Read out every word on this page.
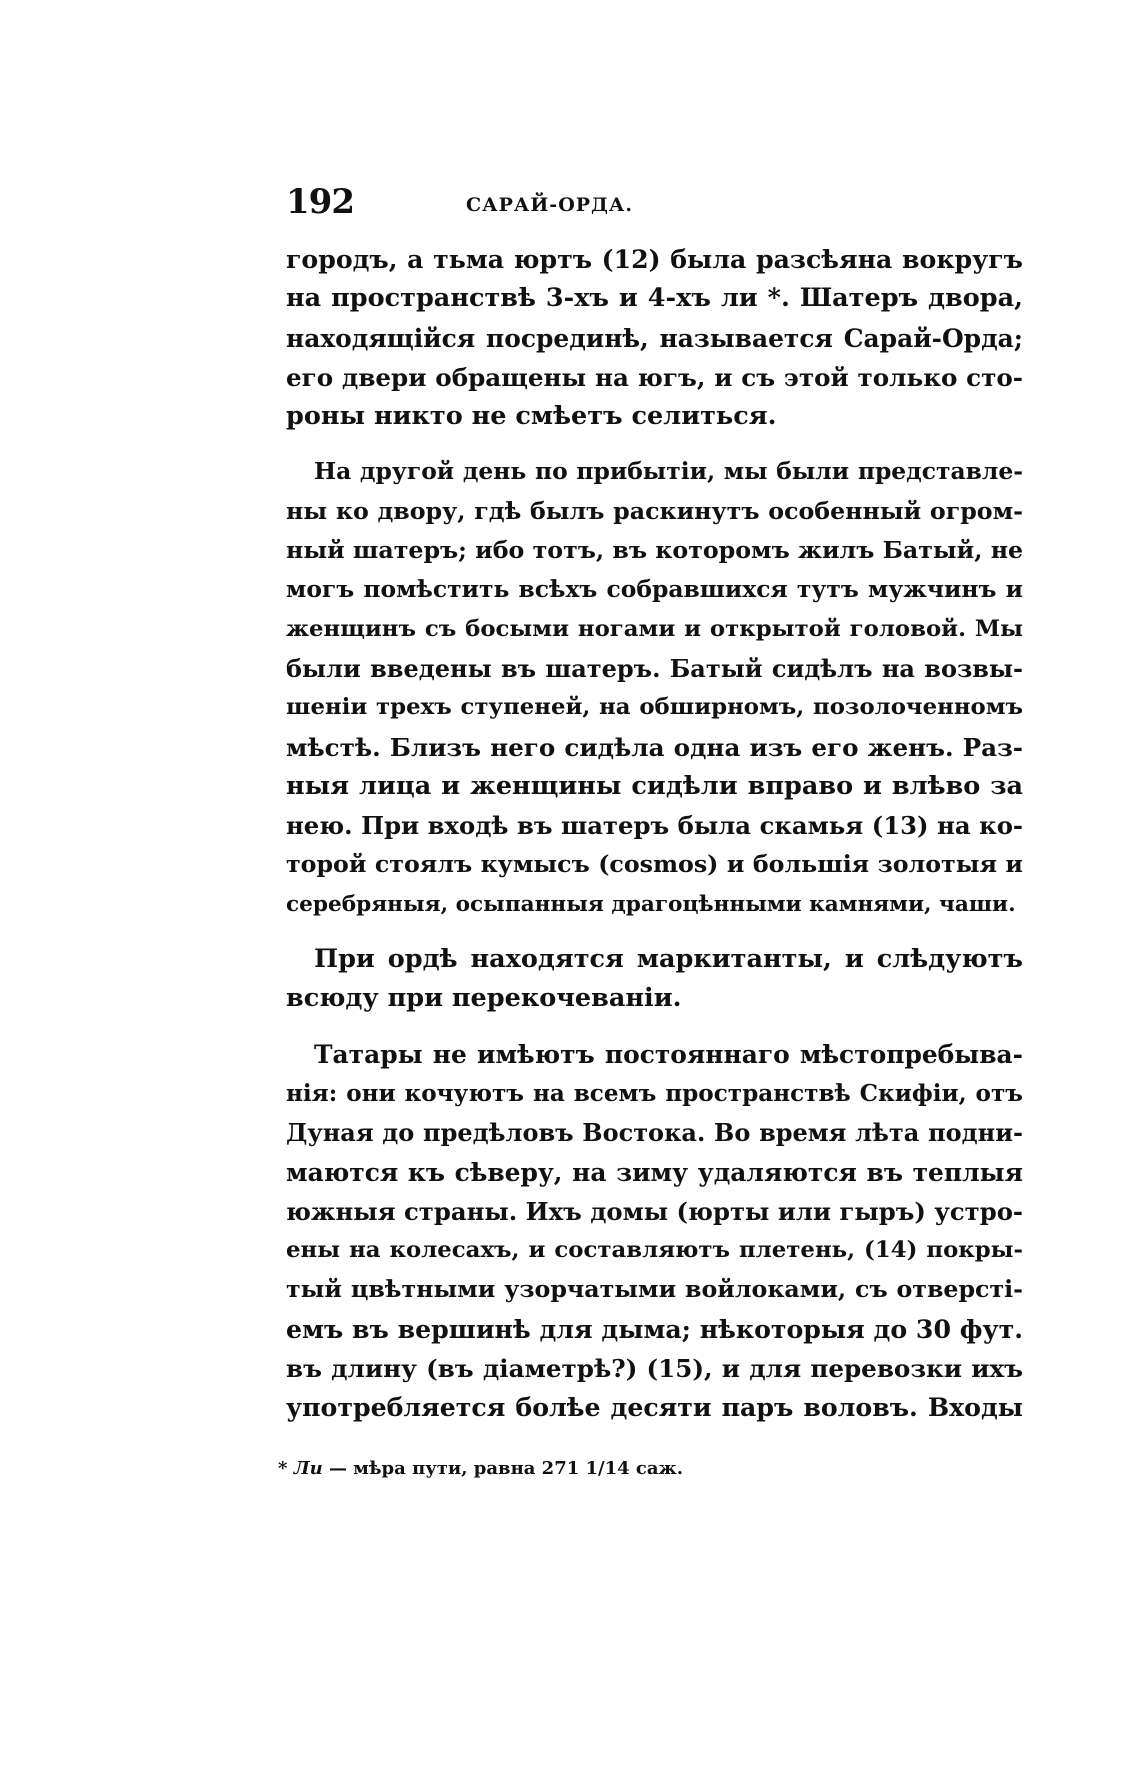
192	САРАЙ-ОРДА.
городъ, а тьма юртъ (12) была разсѣяна вокругъ
на пространствѣ 3-хъ и 4-хъ ли *. Шатеръ двора,
находящійся посрединѣ, называется Сарай-Орда;
его двери обращены на югъ, и съ этой только сто-
роны никто не смѣетъ селиться.
На другой день по прибытіи, мы были представле-
ны ко двору, гдѣ былъ раскинутъ особенный огром-
ный шатеръ; ибо тотъ, въ которомъ жилъ Батый, не
могъ помѣстить всѣхъ собравшихся тутъ мужчинъ и
женщинъ съ босыми ногами и открытой головой. Мы
были введены въ шатеръ. Батый сидѣлъ на возвы-
шеніи трехъ ступеней, на обширномъ, позолоченномъ
мѣстѣ. Близъ него сидѣла одна изъ его женъ. Раз-
ныя лица и женщины сидѣли вправо и влѣво за
нею. При входѣ въ шатеръ была скамья (13) на ко-
торой стоялъ кумысъ (cosmos) и большія золотыя и
серебряныя, осыпанныя драгоцѣнными камнями, чаши.
При ордѣ находятся маркитанты, и слѣдуютъ
всюду при перекочеваніи.
Татары не имѣютъ постояннаго мѣстопребыва-
нія: они кочуютъ на всемъ пространствѣ Скифіи, отъ
Дуная до предѣловъ Востока. Во время лѣта подни-
маются къ сѣверу, на зиму удаляются въ теплыя
южныя страны. Ихъ домы (юрты или гыръ) устро-
ены на колесахъ, и составляютъ плетень, (14) покры-
тый цвѣтными узорчатыми войлоками, съ отверсті-
емъ въ вершинѣ для дыма; нѣкоторыя до 30 фут.
въ длину (въ діаметрѣ?) (15), и для перевозки ихъ
употребляется болѣе десяти паръ воловъ. Входы
* Ли — мѣра пути, равна 271 1/14 саж.
